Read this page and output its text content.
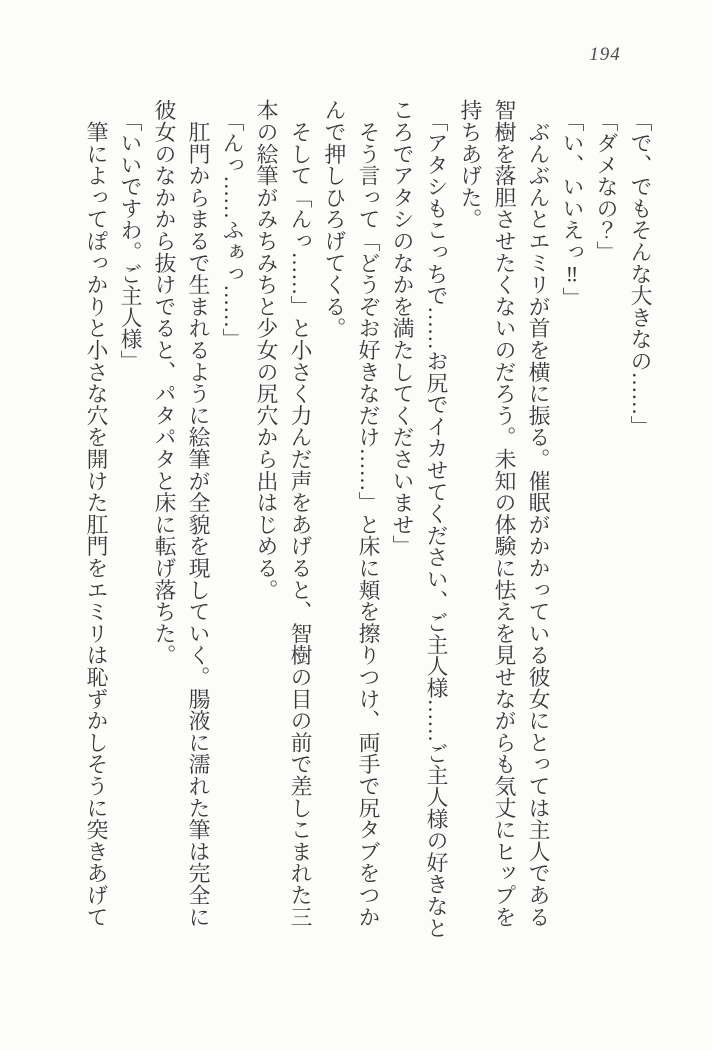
194
「で、でもそんな大きなの……」
「ダメなの？」
「い、いいえっ‼」
　ぶんぶんとエミリが首を横に振る。催眠がかかっている彼女にとっては主人である
智樹を落胆させたくないのだろう。未知の体験に怯えを見せながらも気丈にヒップを
持ちあげた。
「アタシもこっちで……お尻でイカせてください、ご主人様……ご主人様の好きなと
ころでアタシのなかを満たしてくださいませ」
　そう言って「どうぞお好きなだけ……」と床に頬を擦りつけ、両手で尻タブをつか
んで押しひろげてくる。
　そして「んっ……」と小さく力んだ声をあげると、智樹の目の前で差しこまれた三
本の絵筆がみちみちと少女の尻穴から出はじめる。
「んっ……ふぁっ……」
　肛門からまるで生まれるように絵筆が全貌を現していく。腸液に濡れた筆は完全に
彼女のなかから抜けでると、パタパタと床に転げ落ちた。
「いいですわ。ご主人様」
　筆によってぽっかりと小さな穴を開けた肛門をエミリは恥ずかしそうに突きあげて
